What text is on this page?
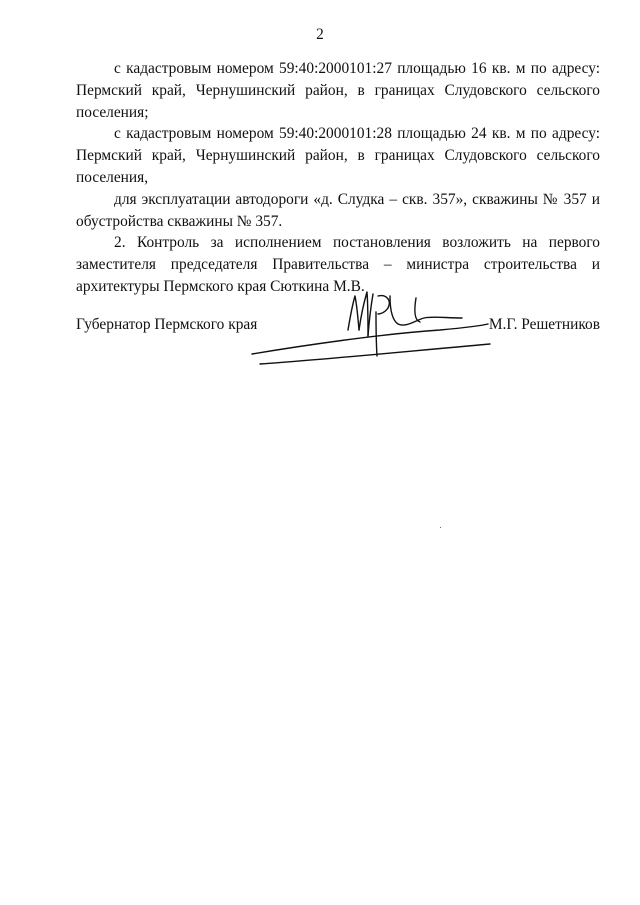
2

с кадастровым номером 59:40:2000101:27 площадью 16 кв. м по адресу: Пермский край, Чернушинский район, в границах Слудовского сельского поселения;

с кадастровым номером 59:40:2000101:28 площадью 24 кв. м по адресу: Пермский край, Чернушинский район, в границах Слудовского сельского поселения,

для эксплуатации автодороги «д. Слудка – скв. 357», скважины № 357 и обустройства скважины № 357.

2. Контроль за исполнением постановления возложить на первого заместителя председателя Правительства – министра строительства и архитектуры Пермского края Сюткина М.В.

Губернатор Пермского края	М.Г. Решетников
